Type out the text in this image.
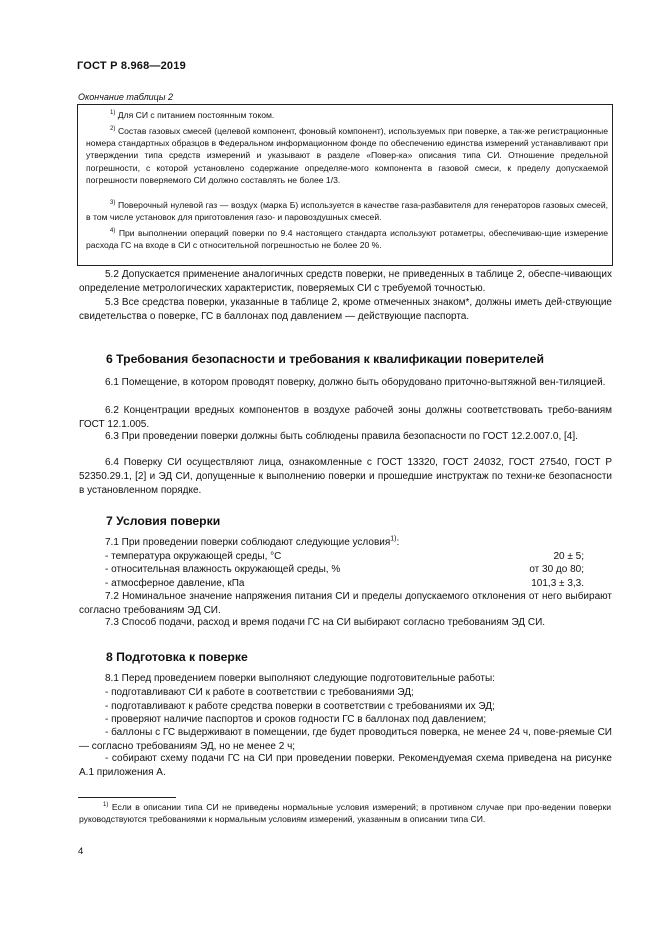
ГОСТ Р 8.968—2019
Окончание таблицы 2
$^{1)}$ Для СИ с питанием постоянным током.
$^{2)}$ Состав газовых смесей (целевой компонент, фоновый компонент), используемых при поверке, а так-же регистрационные номера стандартных образцов в Федеральном информационном фонде по обеспечению единства измерений устанавливают при утверждении типа средств измерений и указывают в разделе «Повер-ка» описания типа СИ. Отношение предельной погрешности, с которой установлено содержание определяе-мого компонента в газовой смеси, к пределу допускаемой погрешности поверяемого СИ должно составлять не более 1/3.
$^{3)}$ Поверочный нулевой газ — воздух (марка Б) используется в качестве газа-разбавителя для генераторов газовых смесей, в том числе установок для приготовления газо- и паровоздушных смесей.
$^{4)}$ При выполнении операций поверки по 9.4 настоящего стандарта используют ротаметры, обеспечиваю-щие измерение расхода ГС на входе в СИ с относительной погрешностью не более 20 %.
5.2 Допускается применение аналогичных средств поверки, не приведенных в таблице 2, обеспе-чивающих определение метрологических характеристик, поверяемых СИ с требуемой точностью.
5.3 Все средства поверки, указанные в таблице 2, кроме отмеченных знаком*, должны иметь дей-ствующие свидетельства о поверке, ГС в баллонах под давлением — действующие паспорта.
6 Требования безопасности и требования к квалификации поверителей
6.1 Помещение, в котором проводят поверку, должно быть оборудовано приточно-вытяжной вен-тиляцией.
6.2 Концентрации вредных компонентов в воздухе рабочей зоны должны соответствовать требо-ваниям ГОСТ 12.1.005.
6.3 При проведении поверки должны быть соблюдены правила безопасности по ГОСТ 12.2.007.0, [4].
6.4 Поверку СИ осуществляют лица, ознакомленные с ГОСТ 13320, ГОСТ 24032, ГОСТ 27540, ГОСТ Р 52350.29.1, [2] и ЭД СИ, допущенные к выполнению поверки и прошедшие инструктаж по техни-ке безопасности в установленном порядке.
7 Условия поверки
7.1 При проведении поверки соблюдают следующие условия$^{1)}$:
- температура окружающей среды, °С	20 ± 5;
- относительная влажность окружающей среды, %	от 30 до 80;
- атмосферное давление, кПа	101,3 ± 3,3.
7.2 Номинальное значение напряжения питания СИ и пределы допускаемого отклонения от него выбирают согласно требованиям ЭД СИ.
7.3 Способ подачи, расход и время подачи ГС на СИ выбирают согласно требованиям ЭД СИ.
8 Подготовка к поверке
8.1 Перед проведением поверки выполняют следующие подготовительные работы:
- подготавливают СИ к работе в соответствии с требованиями ЭД;
- подготавливают к работе средства поверки в соответствии с требованиями их ЭД;
- проверяют наличие паспортов и сроков годности ГС в баллонах под давлением;
- баллоны с ГС выдерживают в помещении, где будет проводиться поверка, не менее 24 ч, пове-ряемые СИ — согласно требованиям ЭД, но не менее 2 ч;
- собирают схему подачи ГС на СИ при проведении поверки. Рекомендуемая схема приведена на рисунке А.1 приложения А.
$^{1)}$ Если в описании типа СИ не приведены нормальные условия измерений; в противном случае при про-ведении поверки руководствуются требованиями к нормальным условиям измерений, указанным в описании типа СИ.
4
